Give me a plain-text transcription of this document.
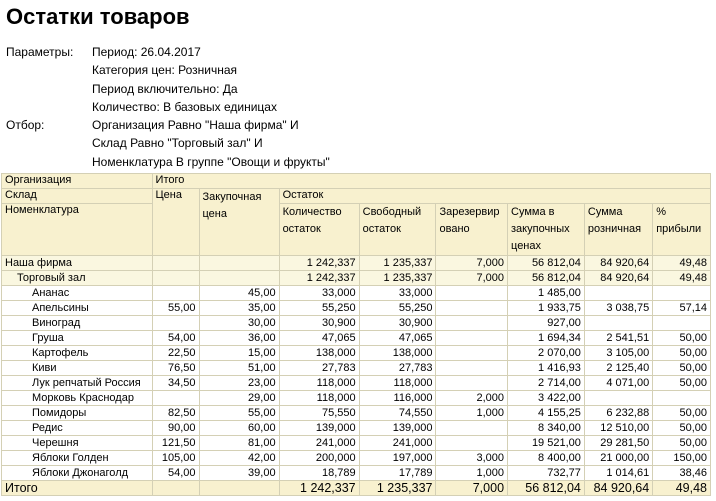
Остатки товаров
Параметры:	Период: 26.04.2017
Категория цен: Розничная
Период включительно: Да
Количество: В базовых единицах
Отбор:	Организация Равно "Наша фирма" И
Склад Равно "Торговый зал" И
Номенклатура В группе "Овощи и фрукты"
Организация	Итого							
Склад	Цена	Закупочная цена	Остаток					
Номенклатура			Количество остаток	Свободный остаток	Зарезервировано	Сумма в закупочных ценах	Сумма розничная	% прибыли
Наша фирма			1 242,337	1 235,337	7,000	56 812,04	84 920,64	49,48
Торговый зал			1 242,337	1 235,337	7,000	56 812,04	84 920,64	49,48
Ананас		45,00	33,000	33,000		1 485,00		
Апельсины	55,00	35,00	55,250	55,250		1 933,75	3 038,75	57,14
Виноград		30,00	30,900	30,900		927,00		
Груша	54,00	36,00	47,065	47,065		1 694,34	2 541,51	50,00
Картофель	22,50	15,00	138,000	138,000		2 070,00	3 105,00	50,00
Киви	76,50	51,00	27,783	27,783		1 416,93	2 125,40	50,00
Лук репчатый Россия	34,50	23,00	118,000	118,000		2 714,00	4 071,00	50,00
Морковь Краснодар		29,00	118,000	116,000	2,000	3 422,00		
Помидоры	82,50	55,00	75,550	74,550	1,000	4 155,25	6 232,88	50,00
Редис	90,00	60,00	139,000	139,000		8 340,00	12 510,00	50,00
Черешня	121,50	81,00	241,000	241,000		19 521,00	29 281,50	50,00
Яблоки Голден	105,00	42,00	200,000	197,000	3,000	8 400,00	21 000,00	150,00
Яблоки Джонаголд	54,00	39,00	18,789	17,789	1,000	732,77	1 014,61	38,46
Итого			1 242,337	1 235,337	7,000	56 812,04	84 920,64	49,48
